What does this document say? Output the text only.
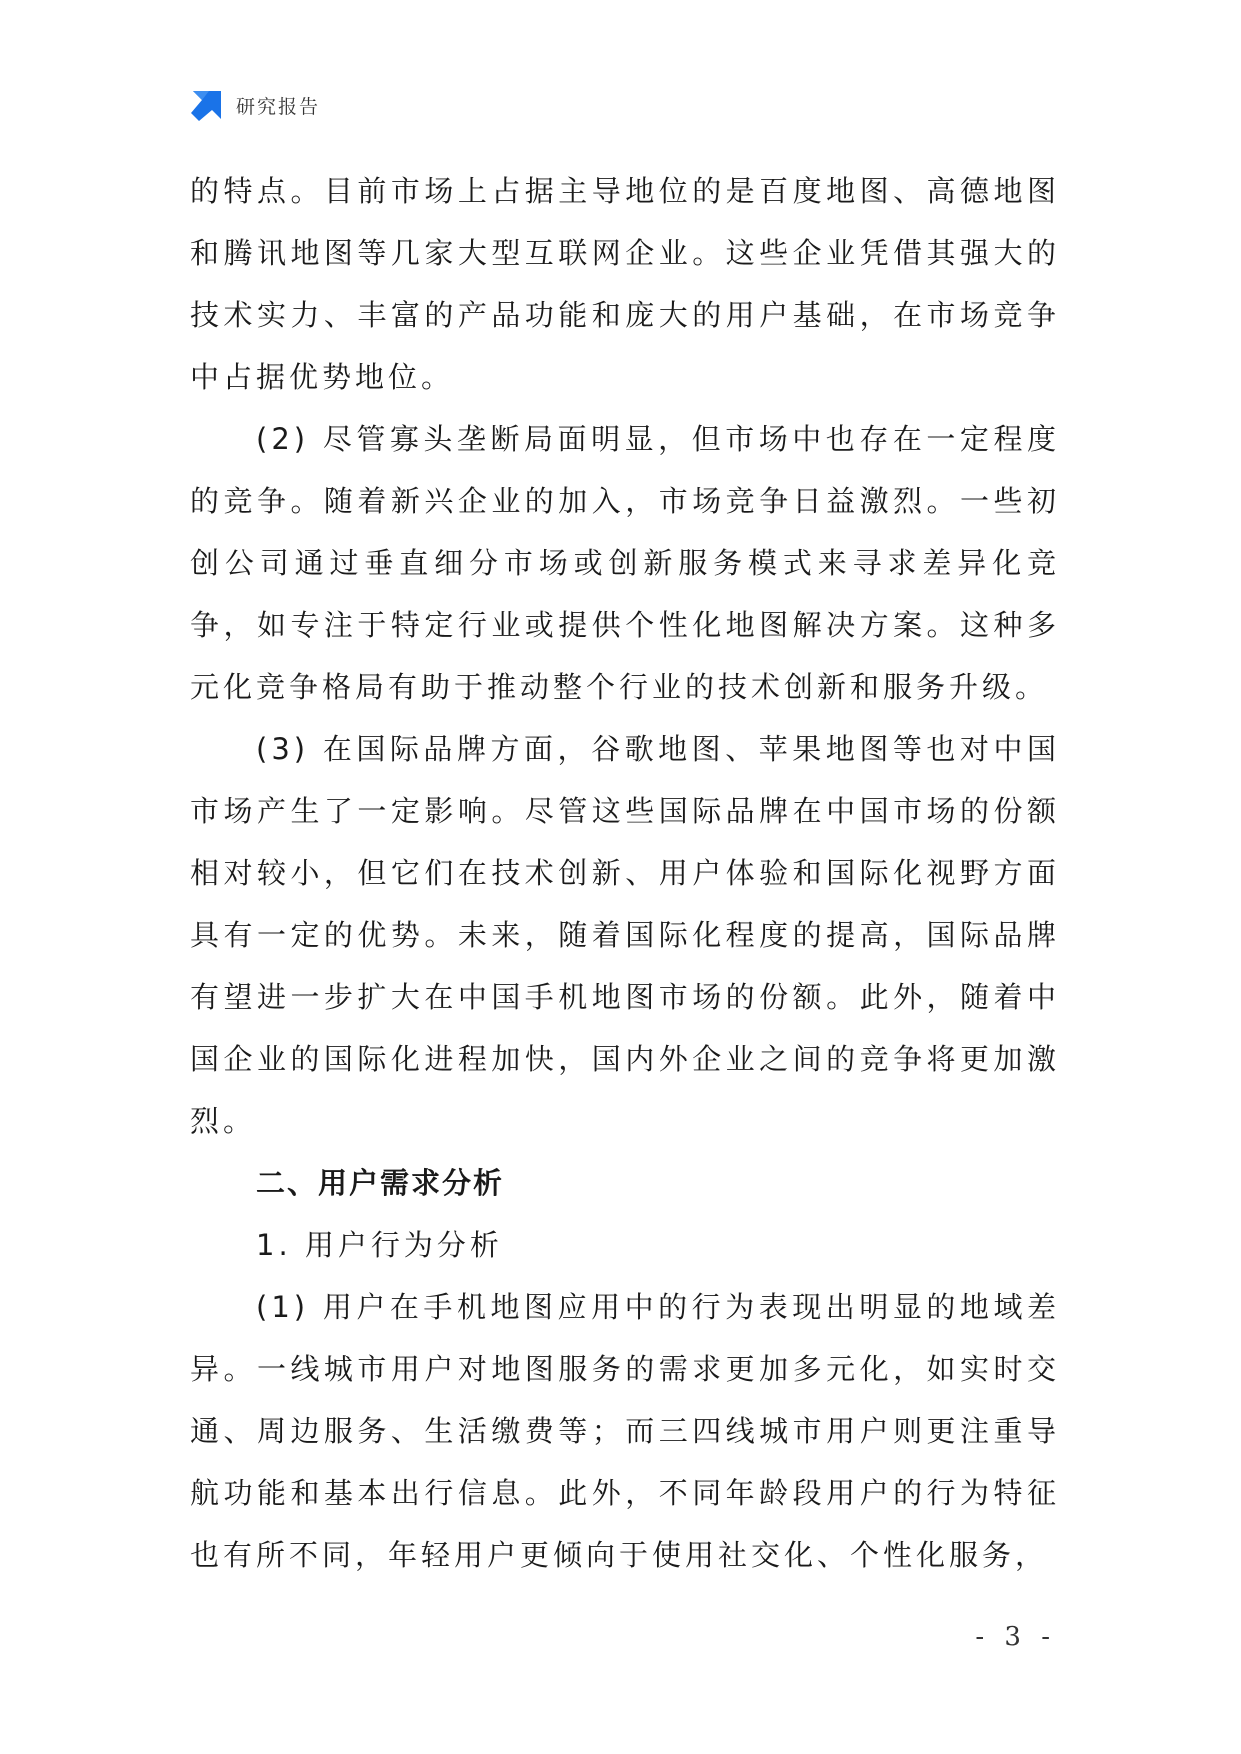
研究报告

的特点。目前市场上占据主导地位的是百度地图、高德地图和腾讯地图等几家大型互联网企业。这些企业凭借其强大的技术实力、丰富的产品功能和庞大的用户基础，在市场竞争中占据优势地位。

(2) 尽管寡头垄断局面明显，但市场中也存在一定程度的竞争。随着新兴企业的加入，市场竞争日益激烈。一些初创公司通过垂直细分市场或创新服务模式来寻求差异化竞争，如专注于特定行业或提供个性化地图解决方案。这种多元化竞争格局有助于推动整个行业的技术创新和服务升级。

(3) 在国际品牌方面，谷歌地图、苹果地图等也对中国市场产生了一定影响。尽管这些国际品牌在中国市场的份额相对较小，但它们在技术创新、用户体验和国际化视野方面具有一定的优势。未来，随着国际化程度的提高，国际品牌有望进一步扩大在中国手机地图市场的份额。此外，随着中国企业的国际化进程加快，国内外企业之间的竞争将更加激烈。

二、用户需求分析

1. 用户行为分析

(1) 用户在手机地图应用中的行为表现出明显的地域差异。一线城市用户对地图服务的需求更加多元化，如实时交通、周边服务、生活缴费等；而三四线城市用户则更注重导航功能和基本出行信息。此外，不同年龄段用户的行为特征也有所不同，年轻用户更倾向于使用社交化、个性化服务，

- 3 -
